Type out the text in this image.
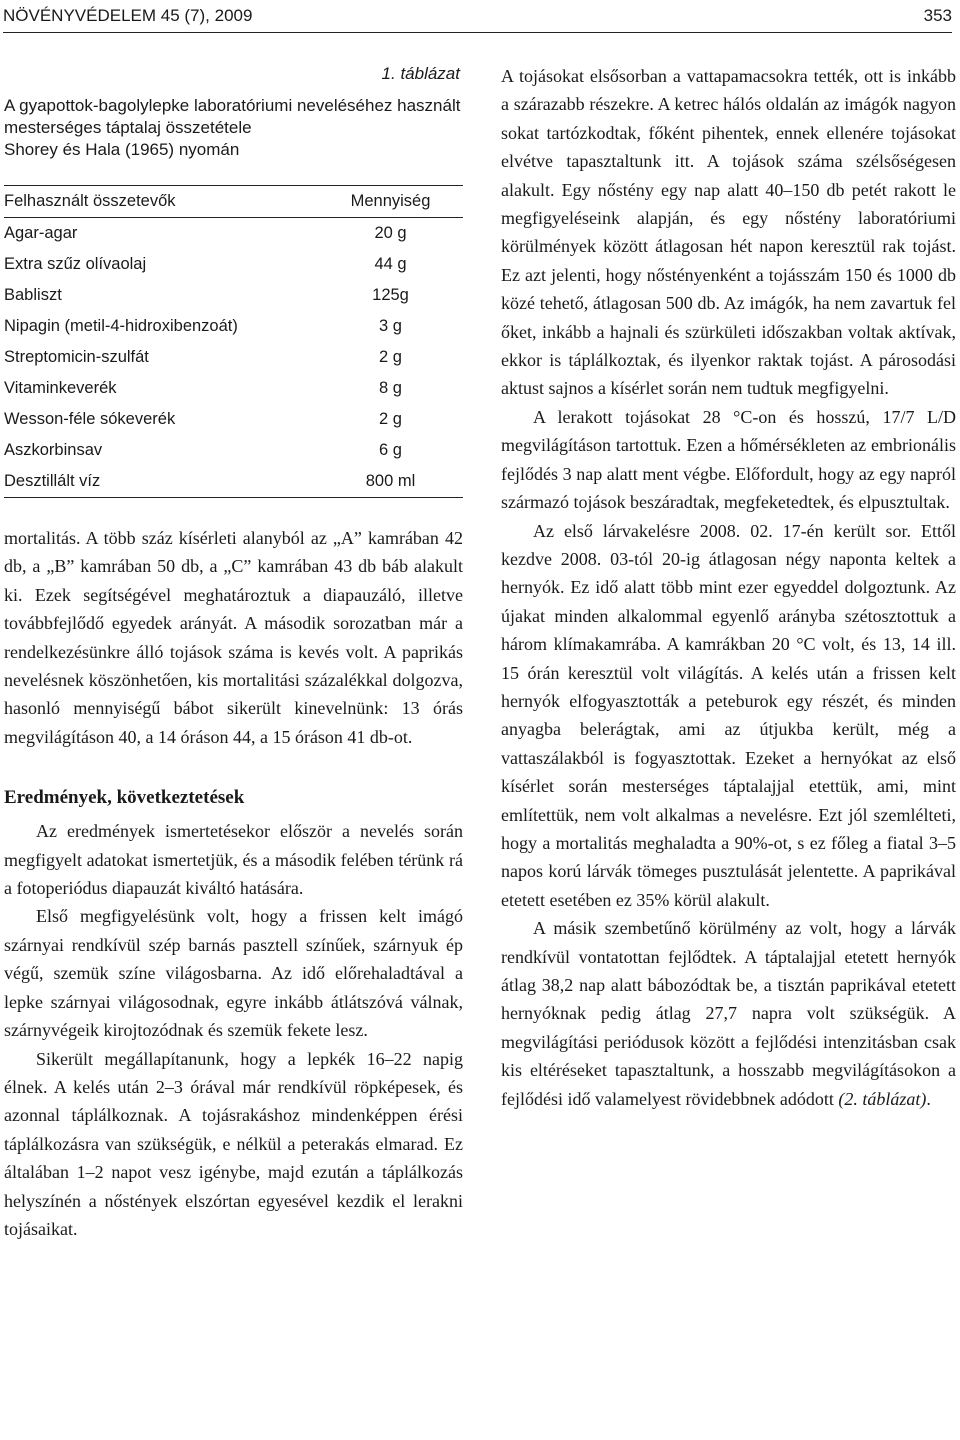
NÖVÉNYVÉDELEM 45 (7), 2009	353
1. táblázat
A gyapottok-bagolylepke laboratóriumi neveléséhez használt mesterséges táptalaj összetétele
Shorey és Hala (1965) nyomán
Felhasznált összetevők	Mennyiség
Agar-agar	20 g
Extra szűz olívaolaj	44 g
Babliszt	125g
Nipagin (metil-4-hidroxibenzoát)	3 g
Streptomicin-szulfát	2 g
Vitaminkeverék	8 g
Wesson-féle sókeverék	2 g
Aszkorbinsav	6 g
Desztillált víz	800 ml

mortalitás. A több száz kísérleti alanyból az „A” kamrában 42 db, a „B” kamrában 50 db, a „C” kamrában 43 db báb alakult ki. Ezek segítségével meghatároztuk a diapauzáló, illetve továbbfejlődő egyedek arányát. A második sorozatban már a rendelkezésünkre álló tojások száma is kevés volt. A paprikás nevelésnek köszönhetően, kis mortalitási százalékkal dolgozva, hasonló mennyiségű bábot sikerült kinevelnünk: 13 órás megvilágításon 40, a 14 óráson 44, a 15 óráson 41 db-ot.

Eredmények, következtetések

Az eredmények ismertetésekor először a nevelés során megfigyelt adatokat ismertetjük, és a második felében térünk rá a fotoperiódus diapauzát kiváltó hatására.

Első megfigyelésünk volt, hogy a frissen kelt imágó szárnyai rendkívül szép barnás pasztell színűek, szárnyuk ép végű, szemük színe világosbarna. Az idő előrehaladtával a lepke szárnyai világosodnak, egyre inkább átlátszóvá válnak, szárnyvégeik kirojtozódnak és szemük fekete lesz.

Sikerült megállapítanunk, hogy a lepkék 16–22 napig élnek. A kelés után 2–3 órával már rendkívül röpképesek, és azonnal táplálkoznak. A tojásrakáshoz mindenképpen érési táplálkozásra van szükségük, e nélkül a peterakás elmarad. Ez általában 1–2 napot vesz igénybe, majd ezután a táplálkozás helyszínén a nőstények elszórtan egyesével kezdik el lerakni tojásaikat.

A tojásokat elsősorban a vattapamacsokra tették, ott is inkább a szárazabb részekre. A ketrec hálós oldalán az imágók nagyon sokat tartózkodtak, főként pihentek, ennek ellenére tojásokat elvétve tapasztaltunk itt. A tojások száma szélsőségesen alakult. Egy nőstény egy nap alatt 40–150 db petét rakott le megfigyeléseink alapján, és egy nőstény laboratóriumi körülmények között átlagosan hét napon keresztül rak tojást. Ez azt jelenti, hogy nőstényenként a tojásszám 150 és 1000 db közé tehető, átlagosan 500 db. Az imágók, ha nem zavartuk fel őket, inkább a hajnali és szürkületi időszakban voltak aktívak, ekkor is táplálkoztak, és ilyenkor raktak tojást. A párosodási aktust sajnos a kísérlet során nem tudtuk megfigyelni.

A lerakott tojásokat 28 °C-on és hosszú, 17/7 L/D megvilágításon tartottuk. Ezen a hőmérsékleten az embrionális fejlődés 3 nap alatt ment végbe. Előfordult, hogy az egy napról származó tojások beszáradtak, megfeketedtek, és elpusztultak.

Az első lárvakelésre 2008. 02. 17-én került sor. Ettől kezdve 2008. 03-tól 20-ig átlagosan négy naponta keltek a hernyók. Ez idő alatt több mint ezer egyeddel dolgoztunk. Az újakat minden alkalommal egyenlő arányba szétosztottuk a három klímakamrába. A kamrákban 20 °C volt, és 13, 14 ill. 15 órán keresztül volt világítás. A kelés után a frissen kelt hernyók elfogyasztották a peteburok egy részét, és minden anyagba belerágtak, ami az útjukba került, még a vattaszálakból is fogyasztottak. Ezeket a hernyókat az első kísérlet során mesterséges táptalajjal etettük, ami, mint említettük, nem volt alkalmas a nevelésre. Ezt jól szemlélteti, hogy a mortalitás meghaladta a 90%-ot, s ez főleg a fiatal 3–5 napos korú lárvák tömeges pusztulását jelentette. A paprikával etetett esetében ez 35% körül alakult.

A másik szembetűnő körülmény az volt, hogy a lárvák rendkívül vontatottan fejlődtek. A táptalajjal etetett hernyók átlag 38,2 nap alatt bábozódtak be, a tisztán paprikával etetett hernyóknak pedig átlag 27,7 napra volt szükségük. A megvilágítási periódusok között a fejlődési intenzitásban csak kis eltéréseket tapasztaltunk, a hosszabb megvilágításokon a fejlődési idő valamelyest rövidebbnek adódott (2. táblázat).
